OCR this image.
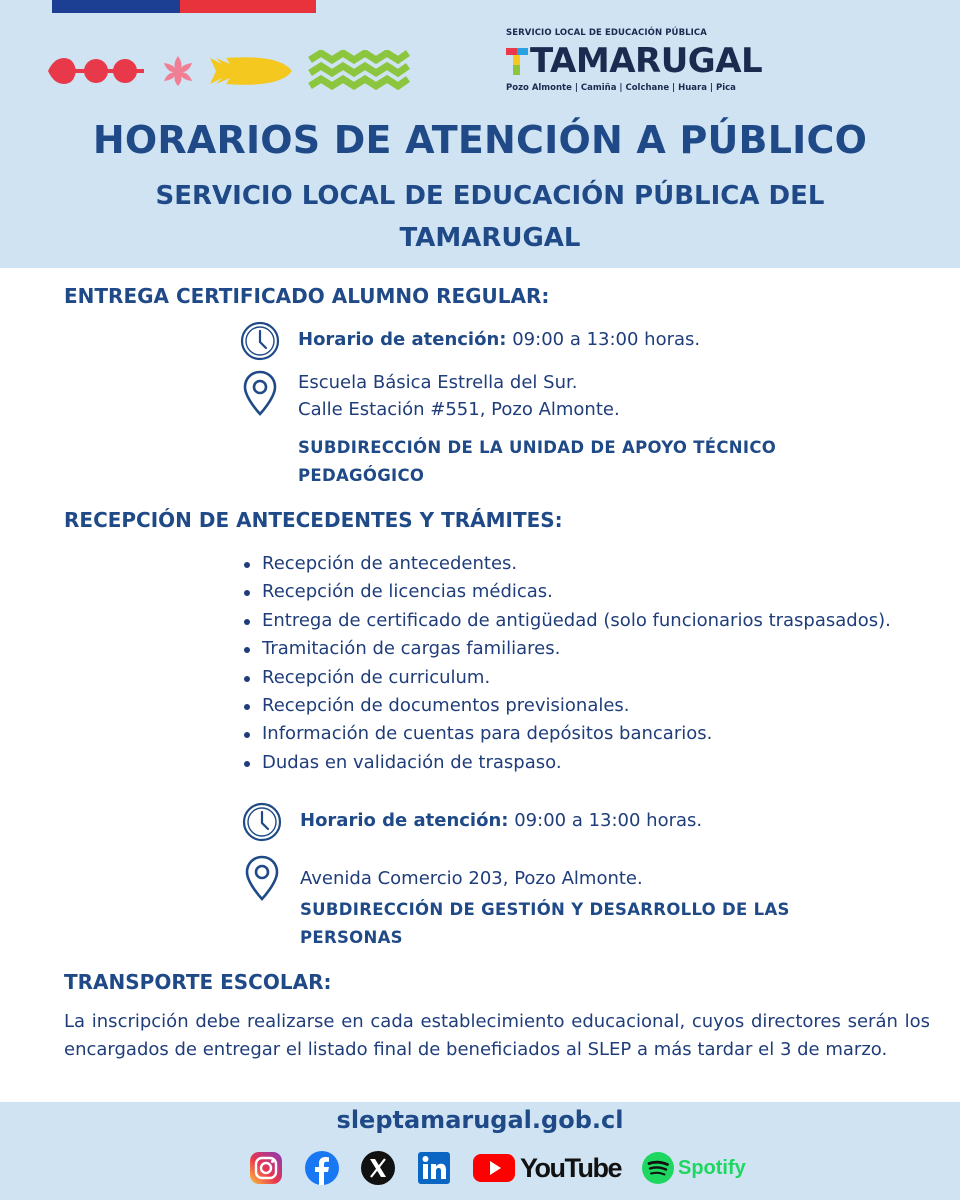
SERVICIO LOCAL DE EDUCACIÓN PÚBLICA
TAMARUGAL
Pozo Almonte | Camiña | Colchane | Huara | Pica
HORARIOS DE ATENCIÓN A PÚBLICO
SERVICIO LOCAL DE EDUCACIÓN PÚBLICA DEL TAMARUGAL
ENTREGA CERTIFICADO ALUMNO REGULAR:
Horario de atención: 09:00 a 13:00 horas.
Escuela Básica Estrella del Sur.
Calle Estación #551, Pozo Almonte.
SUBDIRECCIÓN DE LA UNIDAD DE APOYO TÉCNICO PEDAGÓGICO
RECEPCIÓN DE ANTECEDENTES Y TRÁMITES:
Recepción de antecedentes.
Recepción de licencias médicas.
Entrega de certificado de antigüedad (solo funcionarios traspasados).
Tramitación de cargas familiares.
Recepción de curriculum.
Recepción de documentos previsionales.
Información de cuentas para depósitos bancarios.
Dudas en validación de traspaso.
Horario de atención: 09:00 a 13:00 horas.
Avenida Comercio 203, Pozo Almonte.
SUBDIRECCIÓN DE GESTIÓN Y DESARROLLO DE LAS PERSONAS
TRANSPORTE ESCOLAR:
La inscripción debe realizarse en cada establecimiento educacional, cuyos directores serán los encargados de entregar el listado final de beneficiados al SLEP a más tardar el 3 de marzo.
sleptamarugal.gob.cl
YouTube	Spotify
